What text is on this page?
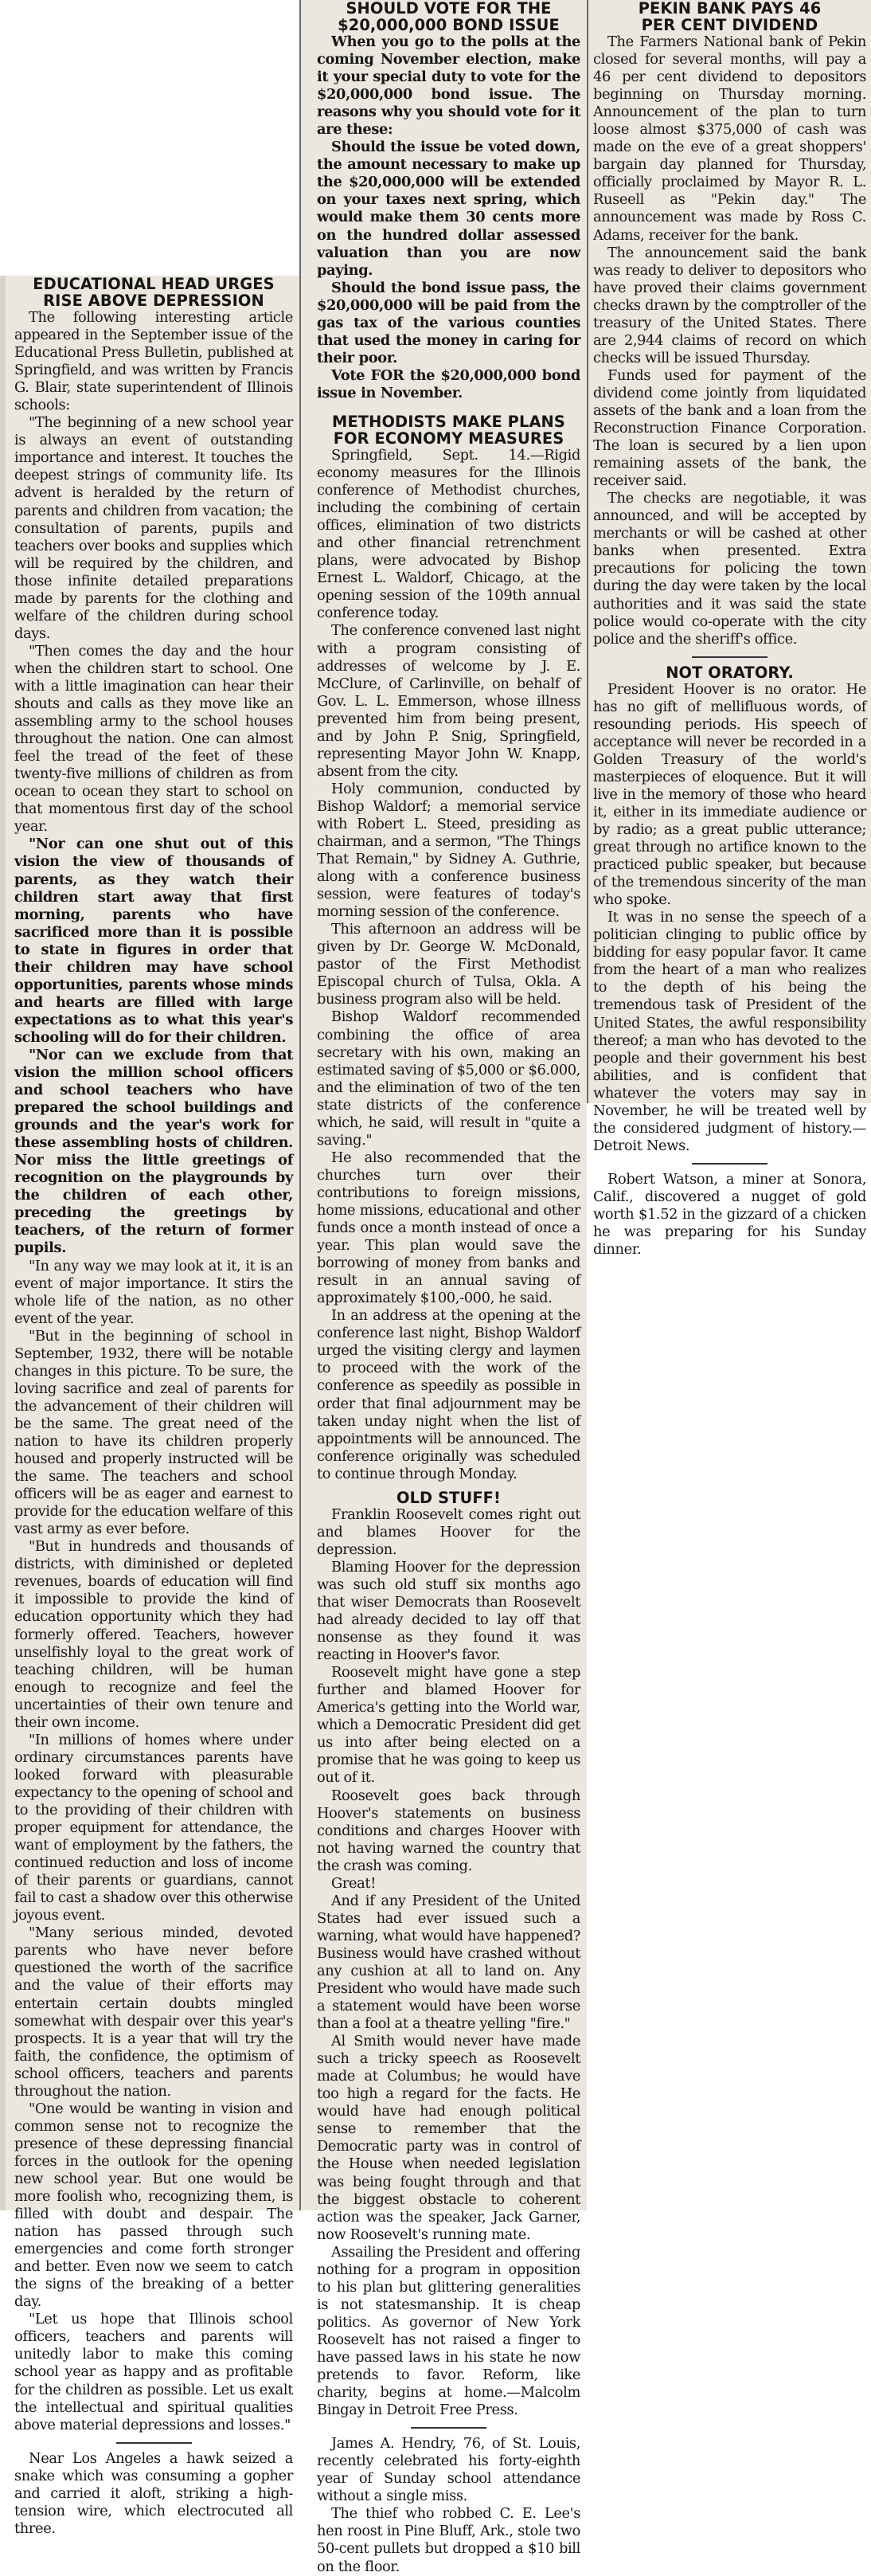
EDUCATIONAL HEAD URGES
RISE ABOVE DEPRESSION

The following interesting article appeared in the September issue of the Educational Press Bulletin, published at Springfield, and was written by Francis G. Blair, state superintendent of Illinois schools:

"The beginning of a new school year is always an event of outstanding importance and interest. It touches the deepest strings of community life. Its advent is heralded by the return of parents and children from vacation; the consultation of parents, pupils and teachers over books and supplies which will be required by the children, and those infinite detailed preparations made by parents for the clothing and welfare of the children during school days.

"Then comes the day and the hour when the children start to school. One with a little imagination can hear their shouts and calls as they move like an assembling army to the school houses throughout the nation. One can almost feel the tread of the feet of these twenty-five millions of children as from ocean to ocean they start to school on that momentous first day of the school year.

"Nor can one shut out of this vision the view of thousands of parents, as they watch their children start away that first morning, parents who have sacrificed more than it is possible to state in figures in order that their children may have school opportunities, parents whose minds and hearts are filled with large expectations as to what this year's schooling will do for their children.

"Nor can we exclude from that vision the million school officers and school teachers who have prepared the school buildings and grounds and the year's work for these assembling hosts of children. Nor miss the little greetings of recognition on the playgrounds by the children of each other, preceding the greetings by teachers, of the return of former pupils.

"In any way we may look at it, it is an event of major importance. It stirs the whole life of the nation, as no other event of the year.

"But in the beginning of school in September, 1932, there will be notable changes in this picture. To be sure, the loving sacrifice and zeal of parents for the advancement of their children will be the same. The great need of the nation to have its children properly housed and properly instructed will be the same. The teachers and school officers will be as eager and earnest to provide for the education welfare of this vast army as ever before.

"But in hundreds and thousands of districts, with diminished or depleted revenues, boards of education will find it impossible to provide the kind of education opportunity which they had formerly offered. Teachers, however unselfishly loyal to the great work of teaching children, will be human enough to recognize and feel the uncertainties of their own tenure and their own income.

"In millions of homes where under ordinary circumstances parents have looked forward with pleasurable expectancy to the opening of school and to the providing of their children with proper equipment for attendance, the want of employment by the fathers, the continued reduction and loss of income of their parents or guardians, cannot fail to cast a shadow over this otherwise joyous event.

"Many serious minded, devoted parents who have never before questioned the worth of the sacrifice and the value of their efforts may entertain certain doubts mingled somewhat with despair over this year's prospects. It is a year that will try the faith, the confidence, the optimism of school officers, teachers and parents throughout the nation.

"One would be wanting in vision and common sense not to recognize the presence of these depressing financial forces in the outlook for the opening new school year. But one would be more foolish who, recognizing them, is filled with doubt and despair. The nation has passed through such emergencies and come forth stronger and better. Even now we seem to catch the signs of the breaking of a better day.

"Let us hope that Illinois school officers, teachers and parents will unitedly labor to make this coming school year as happy and as profitable for the children as possible. Let us exalt the intellectual and spiritual qualities above material depressions and losses."

Near Los Angeles a hawk seized a snake which was consuming a gopher and carried it aloft, striking a high-tension wire, which electrocuted all three.

SHOULD VOTE FOR THE
$20,000,000 BOND ISSUE

When you go to the polls at the coming November election, make it your special duty to vote for the $20,000,000 bond issue. The reasons why you should vote for it are these:

Should the issue be voted down, the amount necessary to make up the $20,000,000 will be extended on your taxes next spring, which would make them 30 cents more on the hundred dollar assessed valuation than you are now paying.

Should the bond issue pass, the $20,000,000 will be paid from the gas tax of the various counties that used the money in caring for their poor.

Vote FOR the $20,000,000 bond issue in November.

METHODISTS MAKE PLANS
FOR ECONOMY MEASURES

Springfield, Sept. 14.—Rigid economy measures for the Illinois conference of Methodist churches, including the combining of certain offices, elimination of two districts and other financial retrenchment plans, were advocated by Bishop Ernest L. Waldorf, Chicago, at the opening session of the 109th annual conference today.

The conference convened last night with a program consisting of addresses of welcome by J. E. McClure, of Carlinville, on behalf of Gov. L. L. Emmerson, whose illness prevented him from being present, and by John P. Snig, Springfield, representing Mayor John W. Knapp, absent from the city.

Holy communion, conducted by Bishop Waldorf; a memorial service with Robert L. Steed, presiding as chairman, and a sermon, "The Things That Remain," by Sidney A. Guthrie, along with a conference business session, were features of today's morning session of the conference.

This afternoon an address will be given by Dr. George W. McDonald, pastor of the First Methodist Episcopal church of Tulsa, Okla. A business program also will be held.

Bishop Waldorf recommended combining the office of area secretary with his own, making an estimated saving of $5,000 or $6.000, and the elimination of two of the ten state districts of the conference which, he said, will result in "quite a saving."

He also recommended that the churches turn over their contributions to foreign missions, home missions, educational and other funds once a month instead of once a year. This plan would save the borrowing of money from banks and result in an annual saving of approximately $100,-000, he said.

In an address at the opening at the conference last night, Bishop Waldorf urged the visiting clergy and laymen to proceed with the work of the conference as speedily as possible in order that final adjournment may be taken unday night when the list of appointments will be announced. The conference originally was scheduled to continue through Monday.

OLD STUFF!

Franklin Roosevelt comes right out and blames Hoover for the depression.

Blaming Hoover for the depression was such old stuff six months ago that wiser Democrats than Roosevelt had already decided to lay off that nonsense as they found it was reacting in Hoover's favor.

Roosevelt might have gone a step further and blamed Hoover for America's getting into the World war, which a Democratic President did get us into after being elected on a promise that he was going to keep us out of it.

Roosevelt goes back through Hoover's statements on business conditions and charges Hoover with not having warned the country that the crash was coming.

Great!

And if any President of the United States had ever issued such a warning, what would have happened? Business would have crashed without any cushion at all to land on. Any President who would have made such a statement would have been worse than a fool at a theatre yelling "fire."

Al Smith would never have made such a tricky speech as Roosevelt made at Columbus; he would have too high a regard for the facts. He would have had enough political sense to remember that the Democratic party was in control of the House when needed legislation was being fought through and that the biggest obstacle to coherent action was the speaker, Jack Garner, now Roosevelt's running mate.

Assailing the President and offering nothing for a program in opposition to his plan but glittering generalities is not statesmanship. It is cheap politics. As governor of New York Roosevelt has not raised a finger to have passed laws in his state he now pretends to favor. Reform, like charity, begins at home.—Malcolm Bingay in Detroit Free Press.

James A. Hendry, 76, of St. Louis, recently celebrated his forty-eighth year of Sunday school attendance without a single miss.

The thief who robbed C. E. Lee's hen roost in Pine Bluff, Ark., stole two 50-cent pullets but dropped a $10 bill on the floor.

PEKIN BANK PAYS 46
PER CENT DIVIDEND

The Farmers National bank of Pekin closed for several months, will pay a 46 per cent dividend to depositors beginning on Thursday morning. Announcement of the plan to turn loose almost $375,000 of cash was made on the eve of a great shoppers' bargain day planned for Thursday, officially proclaimed by Mayor R. L. Ruseell as "Pekin day." The announcement was made by Ross C. Adams, receiver for the bank.

The announcement said the bank was ready to deliver to depositors who have proved their claims government checks drawn by the comptroller of the treasury of the United States. There are 2,944 claims of record on which checks will be issued Thursday.

Funds used for payment of the dividend come jointly from liquidated assets of the bank and a loan from the Reconstruction Finance Corporation. The loan is secured by a lien upon remaining assets of the bank, the receiver said.

The checks are negotiable, it was announced, and will be accepted by merchants or will be cashed at other banks when presented. Extra precautions for policing the town during the day were taken by the local authorities and it was said the state police would co-operate with the city police and the sheriff's office.

NOT ORATORY.

President Hoover is no orator. He has no gift of mellifluous words, of resounding periods. His speech of acceptance will never be recorded in a Golden Treasury of the world's masterpieces of eloquence. But it will live in the memory of those who heard it, either in its immediate audience or by radio; as a great public utterance; great through no artifice known to the practiced public speaker, but because of the tremendous sincerity of the man who spoke.

It was in no sense the speech of a politician clinging to public office by bidding for easy popular favor. It came from the heart of a man who realizes to the depth of his being the tremendous task of President of the United States, the awful responsibility thereof; a man who has devoted to the people and their government his best abilities, and is confident that whatever the voters may say in November, he will be treated well by the considered judgment of history.—Detroit News.

Robert Watson, a miner at Sonora, Calif., discovered a nugget of gold worth $1.52 in the gizzard of a chicken he was preparing for his Sunday dinner.
